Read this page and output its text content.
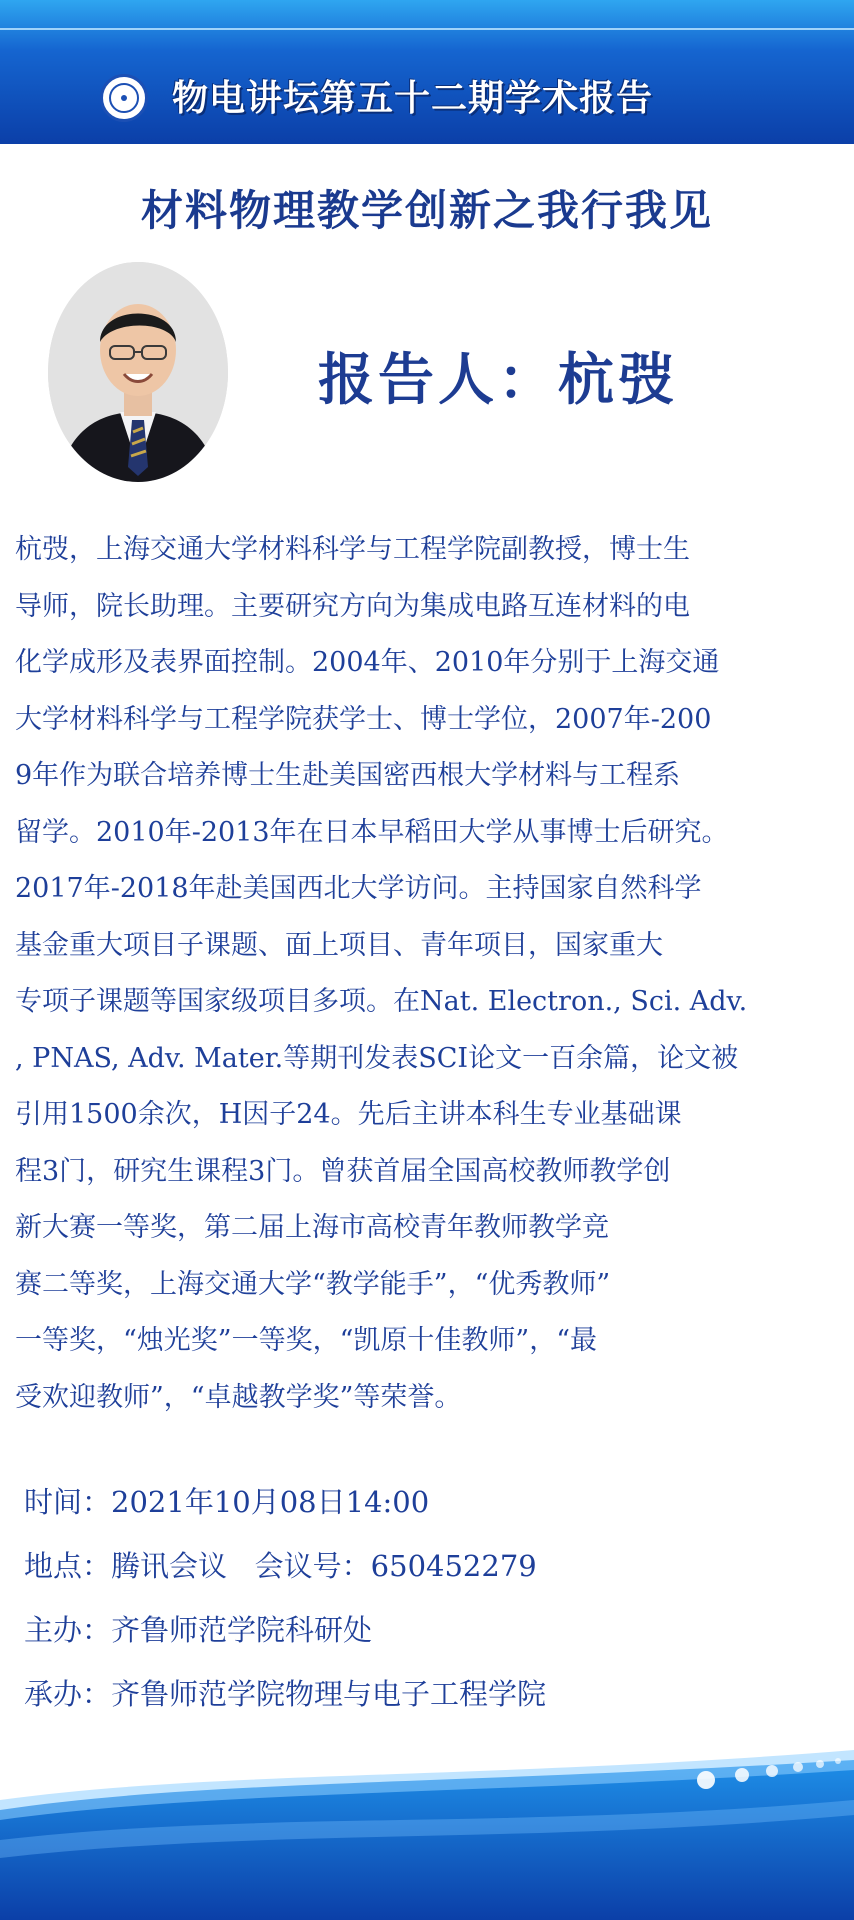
物电讲坛第五十二期学术报告
材料物理教学创新之我行我见
报告人：杭弢
杭弢，上海交通大学材料科学与工程学院副教授，博士生
导师，院长助理。主要研究方向为集成电路互连材料的电
化学成形及表界面控制。2004年、2010年分别于上海交通
大学材料科学与工程学院获学士、博士学位，2007年-200
9年作为联合培养博士生赴美国密西根大学材料与工程系
留学。2010年-2013年在日本早稻田大学从事博士后研究。
2017年-2018年赴美国西北大学访问。主持国家自然科学
基金重大项目子课题、面上项目、青年项目，国家重大
专项子课题等国家级项目多项。在Nat. Electron., Sci. Adv.
, PNAS, Adv. Mater.等期刊发表SCI论文一百余篇，论文被
引用1500余次，H因子24。先后主讲本科生专业基础课
程3门，研究生课程3门。曾获首届全国高校教师教学创
新大赛一等奖，第二届上海市高校青年教师教学竞
赛二等奖，上海交通大学“教学能手”，“优秀教师”
一等奖，“烛光奖”一等奖，“凯原十佳教师”，“最
受欢迎教师”，“卓越教学奖”等荣誉。
时间：2021年10月08日14:00
地点：腾讯会议   会议号：650452279
主办：齐鲁师范学院科研处
承办：齐鲁师范学院物理与电子工程学院
